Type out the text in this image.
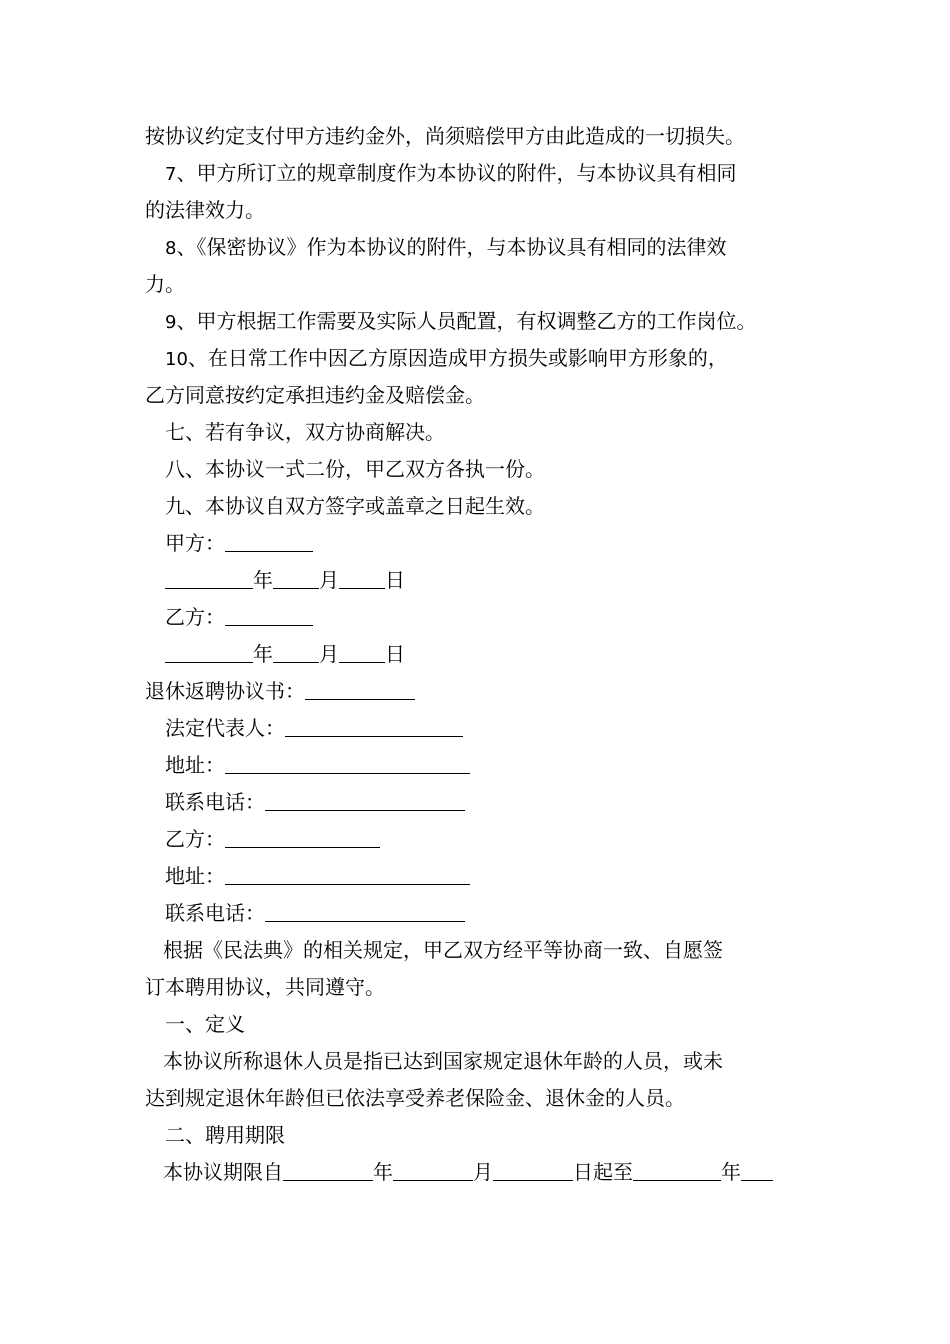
按协议约定支付甲方违约金外，尚须赔偿甲方由此造成的一切损失。
7、甲方所订立的规章制度作为本协议的附件，与本协议具有相同
的法律效力。
8、《保密协议》作为本协议的附件，与本协议具有相同的法律效
力。
9、甲方根据工作需要及实际人员配置，有权调整乙方的工作岗位。
10、在日常工作中因乙方原因造成甲方损失或影响甲方形象的，
乙方同意按约定承担违约金及赔偿金。
七、若有争议，双方协商解决。
八、本协议一式二份，甲乙双方各执一份。
九、本协议自双方签字或盖章之日起生效。
甲方：
年 月 日
乙方：
年 月 日
退休返聘协议书：
法定代表人：
地址：
联系电话：
乙方：
地址：
联系电话：
根据《民法典》的相关规定，甲乙双方经平等协商一致、自愿签
订本聘用协议，共同遵守。
一、定义
本协议所称退休人员是指已达到国家规定退休年龄的人员，或未
达到规定退休年龄但已依法享受养老保险金、退休金的人员。
二、聘用期限
本协议期限自	年	月	日起至	年
